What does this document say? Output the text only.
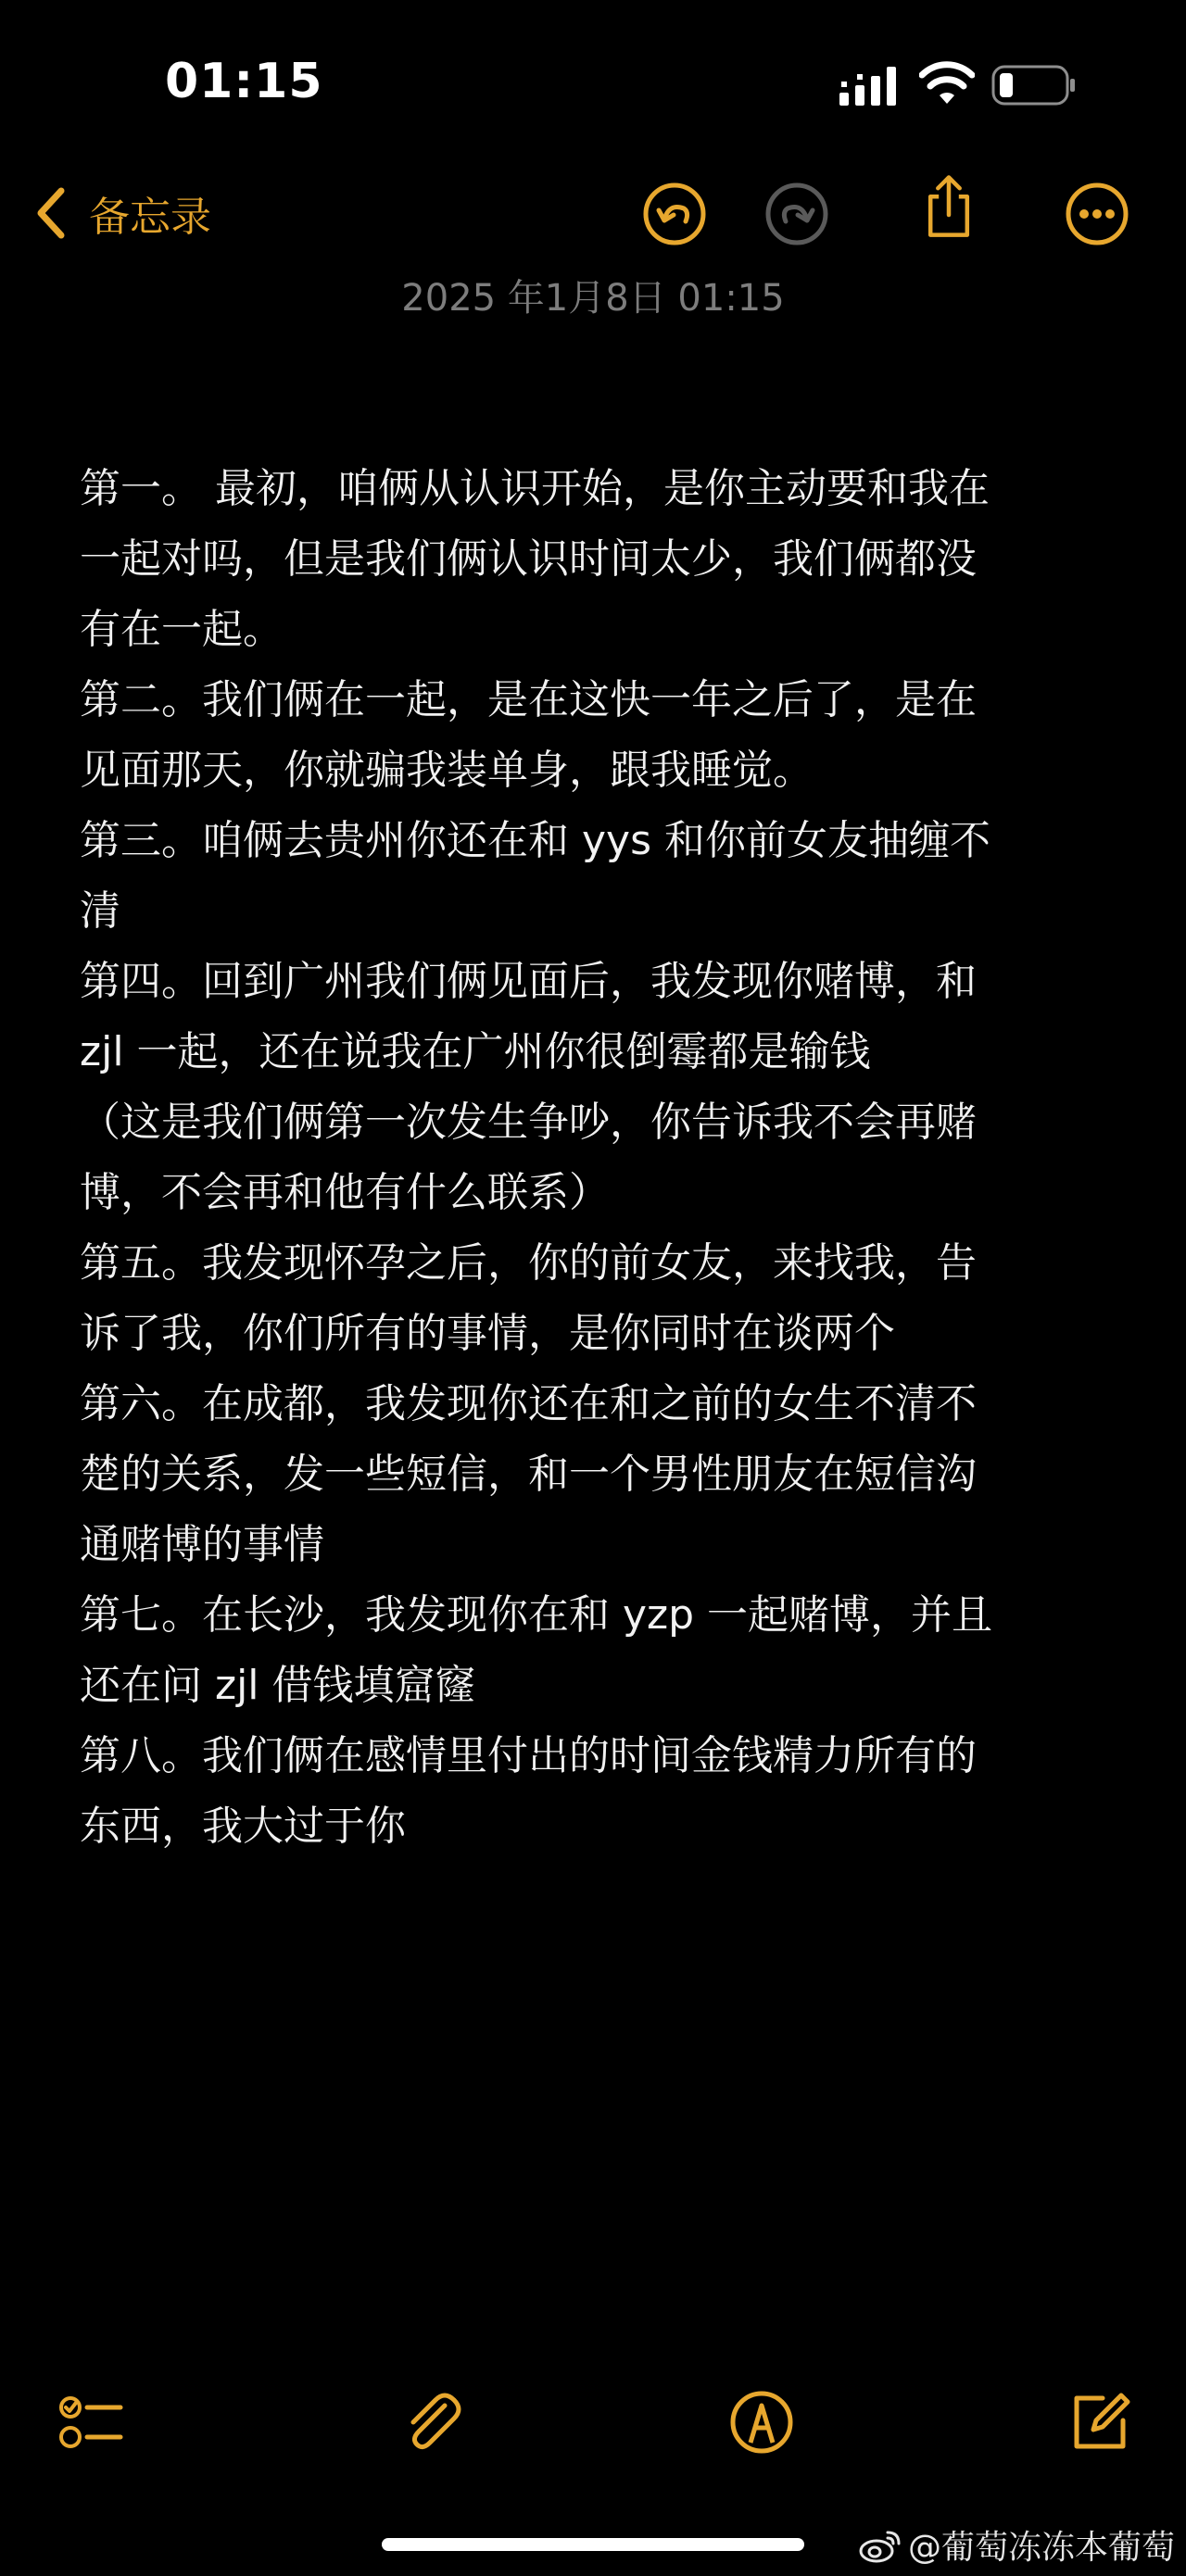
01:15
备忘录
2025 年1月8日 01:15
第一。 最初，咱俩从认识开始，是你主动要和我在
一起对吗，但是我们俩认识时间太少，我们俩都没
有在一起。
第二。我们俩在一起，是在这快一年之后了，是在
见面那天，你就骗我装单身，跟我睡觉。
第三。咱俩去贵州你还在和 yys 和你前女友抽缠不
清
第四。回到广州我们俩见面后，我发现你赌博，和
zjl 一起，还在说我在广州你很倒霉都是输钱
（这是我们俩第一次发生争吵，你告诉我不会再赌
博，不会再和他有什么联系）
第五。我发现怀孕之后，你的前女友，来找我，告
诉了我，你们所有的事情，是你同时在谈两个
第六。在成都，我发现你还在和之前的女生不清不
楚的关系，发一些短信，和一个男性朋友在短信沟
通赌博的事情
第七。在长沙，我发现你在和 yzp 一起赌博，并且
还在问 zjl 借钱填窟窿
第八。我们俩在感情里付出的时间金钱精力所有的
东西，我大过于你
@葡萄冻冻本葡萄
